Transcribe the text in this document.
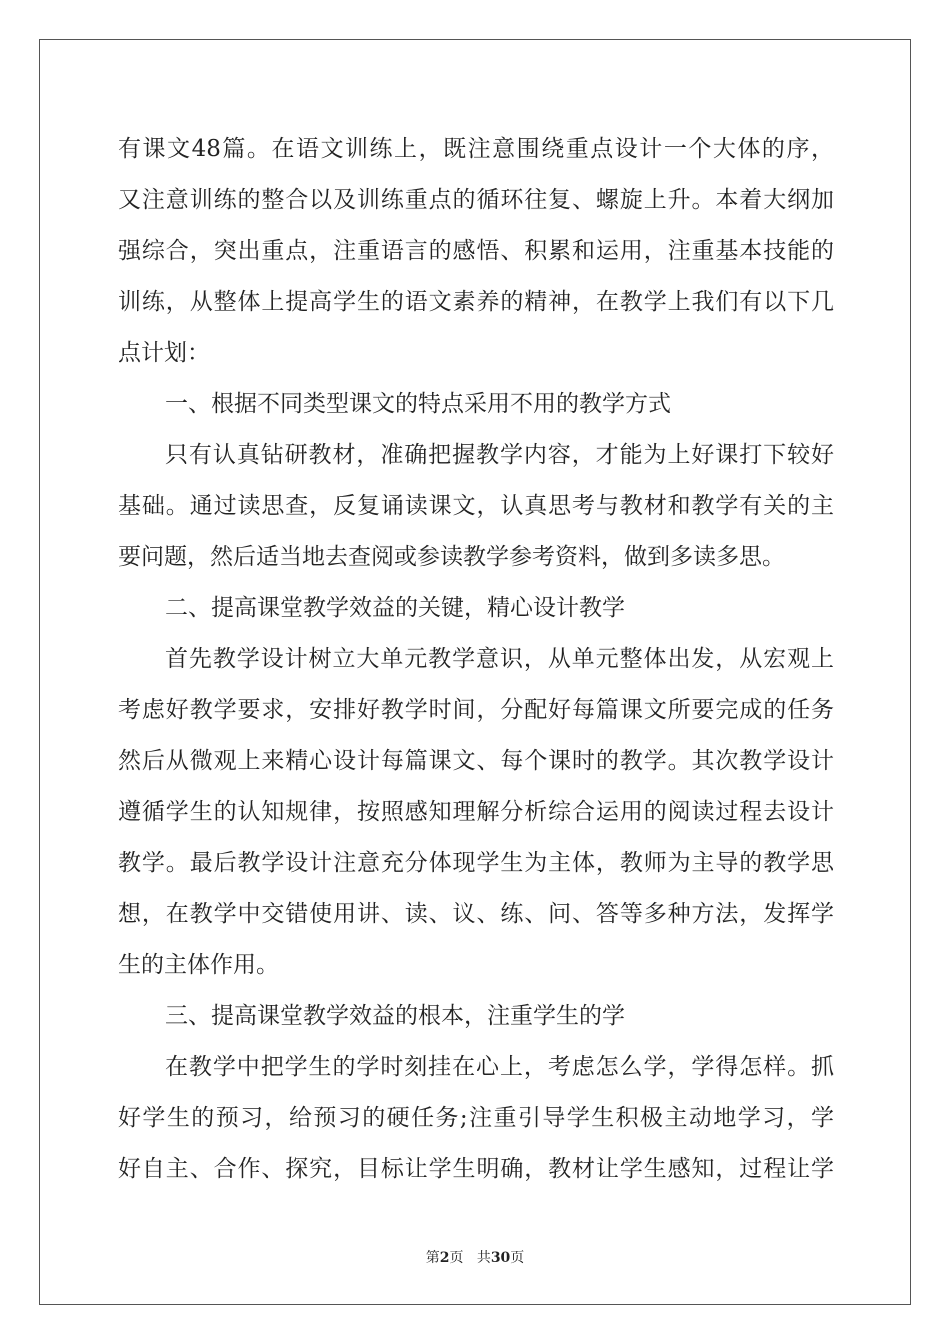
有课文48篇。在语文训练上，既注意围绕重点设计一个大体的序，
又注意训练的整合以及训练重点的循环往复、螺旋上升。本着大纲加
强综合，突出重点，注重语言的感悟、积累和运用，注重基本技能的
训练，从整体上提高学生的语文素养的精神，在教学上我们有以下几
点计划：
一、根据不同类型课文的特点采用不用的教学方式
只有认真钻研教材，准确把握教学内容，才能为上好课打下较好
基础。通过读思查，反复诵读课文，认真思考与教材和教学有关的主
要问题，然后适当地去查阅或参读教学参考资料，做到多读多思。
二、提高课堂教学效益的关键，精心设计教学
首先教学设计树立大单元教学意识，从单元整体出发，从宏观上
考虑好教学要求，安排好教学时间，分配好每篇课文所要完成的任务
然后从微观上来精心设计每篇课文、每个课时的教学。其次教学设计
遵循学生的认知规律，按照感知理解分析综合运用的阅读过程去设计
教学。最后教学设计注意充分体现学生为主体，教师为主导的教学思
想，在教学中交错使用讲、读、议、练、问、答等多种方法，发挥学
生的主体作用。
三、提高课堂教学效益的根本，注重学生的学
在教学中把学生的学时刻挂在心上，考虑怎么学，学得怎样。抓
好学生的预习，给预习的硬任务;注重引导学生积极主动地学习，学
好自主、合作、探究，目标让学生明确，教材让学生感知，过程让学
第2页 共30页
